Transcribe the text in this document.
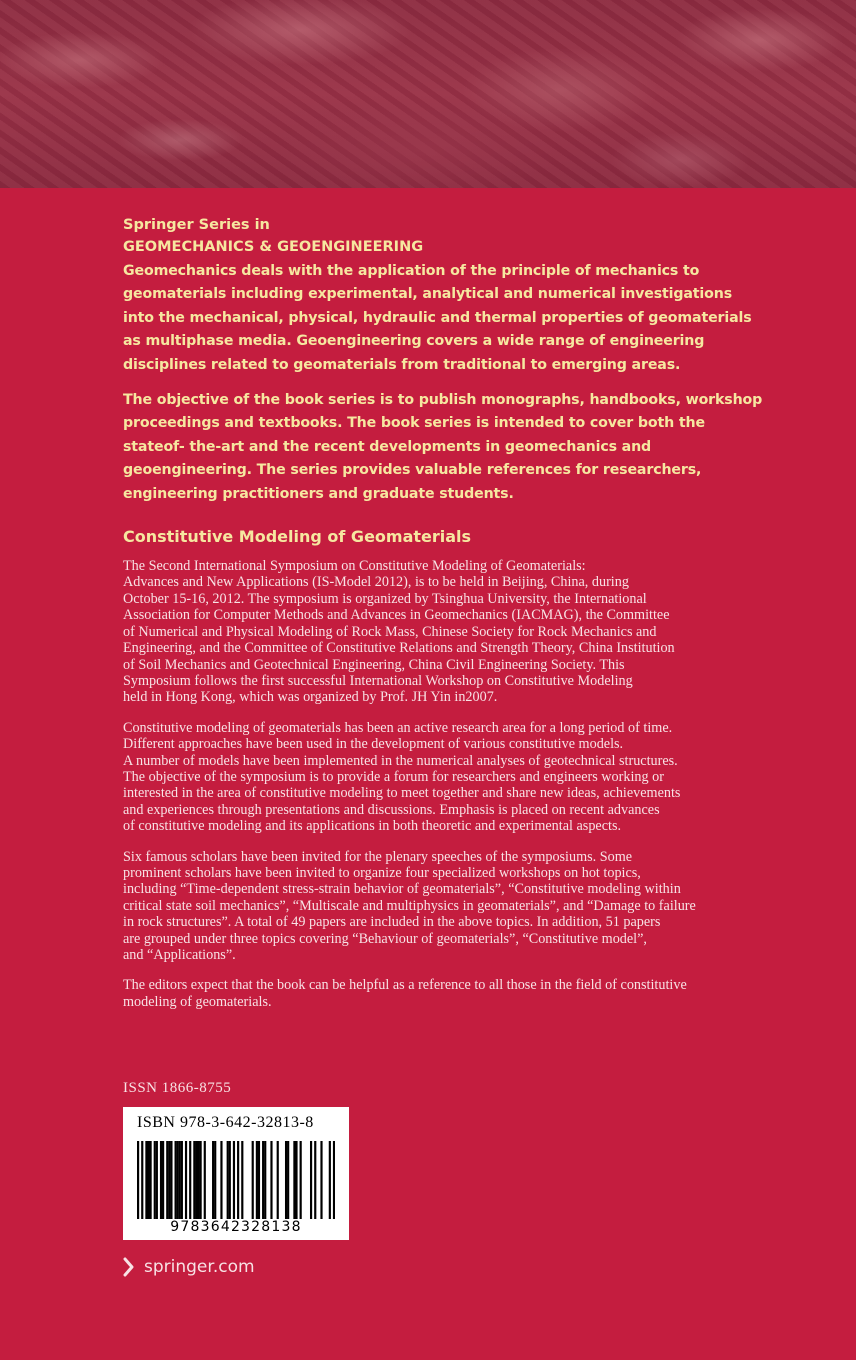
Springer Series in

GEOMECHANICS & GEOENGINEERING

Geomechanics deals with the application of the principle of mechanics to geomaterials including experimental, analytical and numerical investigations into the mechanical, physical, hydraulic and thermal properties of geomaterials as multiphase media. Geoengineering covers a wide range of engineering disciplines related to geomaterials from traditional to emerging areas.

The objective of the book series is to publish monographs, handbooks, workshop proceedings and textbooks. The book series is intended to cover both the stateof- the-art and the recent developments in geomechanics and geoengineering. The series provides valuable references for researchers, engineering practitioners and graduate students.

Constitutive Modeling of Geomaterials

The Second International Symposium on Constitutive Modeling of Geomaterials:
Advances and New Applications (IS-Model 2012), is to be held in Beijing, China, during
October 15-16, 2012. The symposium is organized by Tsinghua University, the International
Association for Computer Methods and Advances in Geomechanics (IACMAG), the Committee
of Numerical and Physical Modeling of Rock Mass, Chinese Society for Rock Mechanics and
Engineering, and the Committee of Constitutive Relations and Strength Theory, China Institution
of Soil Mechanics and Geotechnical Engineering, China Civil Engineering Society. This
Symposium follows the first successful International Workshop on Constitutive Modeling
held in Hong Kong, which was organized by Prof. JH Yin in2007.

Constitutive modeling of geomaterials has been an active research area for a long period of time.
Different approaches have been used in the development of various constitutive models.
A number of models have been implemented in the numerical analyses of geotechnical structures.
The objective of the symposium is to provide a forum for researchers and engineers working or
interested in the area of constitutive modeling to meet together and share new ideas, achievements
and experiences through presentations and discussions. Emphasis is placed on recent advances
of constitutive modeling and its applications in both theoretic and experimental aspects.

Six famous scholars have been invited for the plenary speeches of the symposiums. Some
prominent scholars have been invited to organize four specialized workshops on hot topics,
including “Time-dependent stress-strain behavior of geomaterials”, “Constitutive modeling within
critical state soil mechanics”, “Multiscale and multiphysics in geomaterials”, and “Damage to failure
in rock structures”. A total of 49 papers are included in the above topics. In addition, 51 papers
are grouped under three topics covering “Behaviour of geomaterials”, “Constitutive model”,
and “Applications”.

The editors expect that the book can be helpful as a reference to all those in the field of constitutive
modeling of geomaterials.

ISSN 1866-8755
ISBN 978-3-642-32813-8
9783642328138
springer.com
